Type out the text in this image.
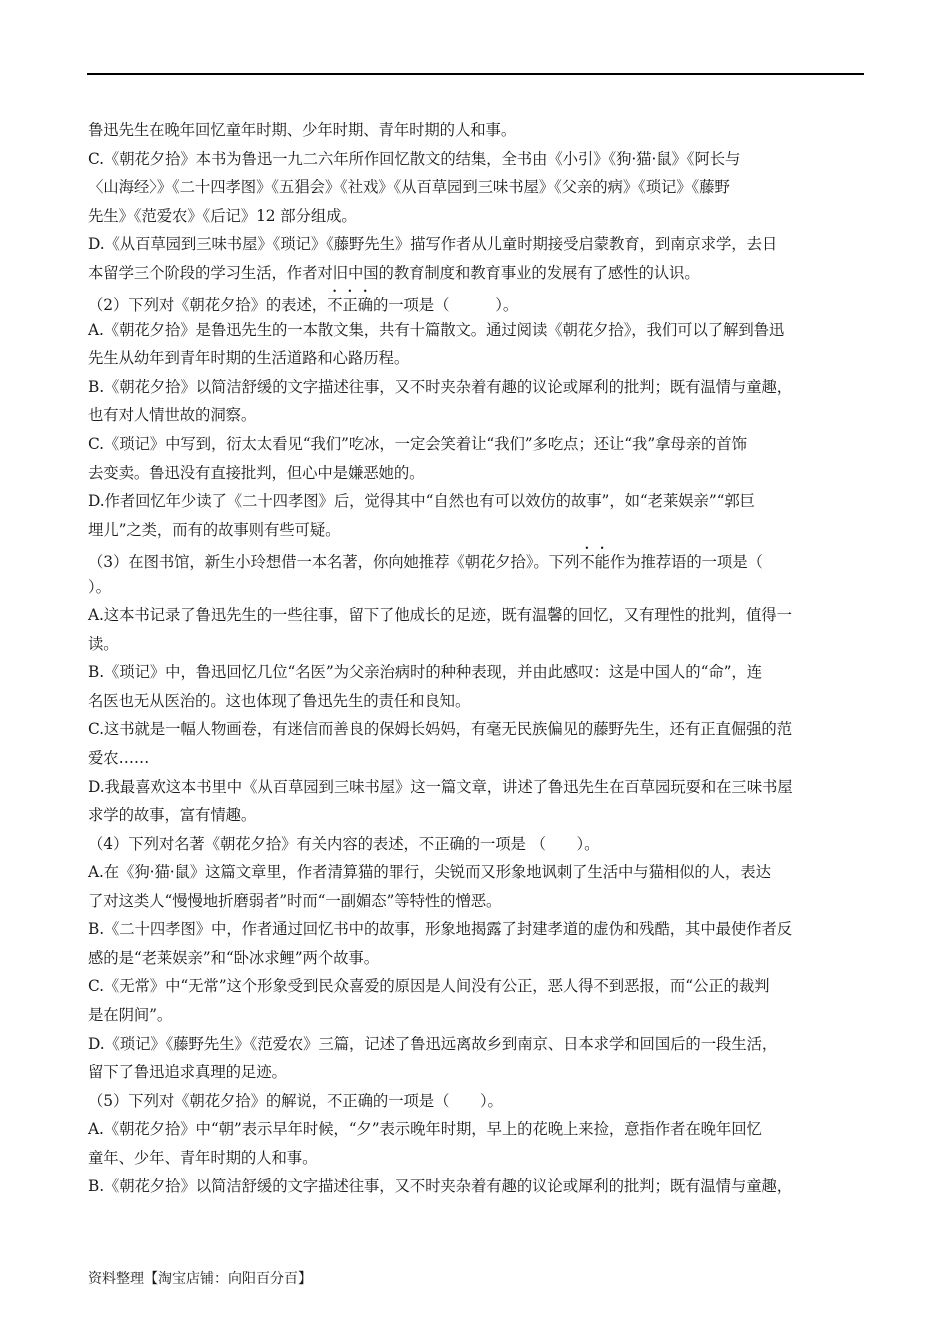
鲁迅先生在晚年回忆童年时期、少年时期、青年时期的人和事。
C.《朝花夕拾》本书为鲁迅一九二六年所作回忆散文的结集，全书由《小引》《狗·猫·鼠》《阿长与
〈山海经〉》《二十四孝图》《五猖会》《社戏》《从百草园到三味书屋》《父亲的病》《琐记》《藤野
先生》《范爱农》《后记》12 部分组成。
D.《从百草园到三味书屋》《琐记》《藤野先生》描写作者从儿童时期接受启蒙教育，到南京求学，去日
本留学三个阶段的学习生活，作者对旧中国的教育制度和教育事业的发展有了感性的认识。
（2）下列对《朝花夕拾》的表述，不正确的一项是（　　　）。
A.《朝花夕拾》是鲁迅先生的一本散文集，共有十篇散文。通过阅读《朝花夕拾》，我们可以了解到鲁迅
先生从幼年到青年时期的生活道路和心路历程。
B.《朝花夕拾》以简洁舒缓的文字描述往事，又不时夹杂着有趣的议论或犀利的批判；既有温情与童趣，
也有对人情世故的洞察。
C.《琐记》中写到，衍太太看见“我们”吃冰，一定会笑着让“我们”多吃点；还让“我”拿母亲的首饰
去变卖。鲁迅没有直接批判，但心中是嫌恶她的。
D.作者回忆年少读了《二十四孝图》后，觉得其中“自然也有可以效仿的故事”，如“老莱娱亲”“郭巨
埋儿”之类，而有的故事则有些可疑。
（3）在图书馆，新生小玲想借一本名著，你向她推荐《朝花夕拾》。下列不能作为推荐语的一项是（
）。
A.这本书记录了鲁迅先生的一些往事，留下了他成长的足迹，既有温馨的回忆，又有理性的批判，值得一
读。
B.《琐记》中，鲁迅回忆几位“名医”为父亲治病时的种种表现，并由此感叹：这是中国人的“命”，连
名医也无从医治的。这也体现了鲁迅先生的责任和良知。
C.这书就是一幅人物画卷，有迷信而善良的保姆长妈妈，有毫无民族偏见的藤野先生，还有正直倔强的范
爱农……
D.我最喜欢这本书里中《从百草园到三味书屋》这一篇文章，讲述了鲁迅先生在百草园玩耍和在三味书屋
求学的故事，富有情趣。
（4）下列对名著《朝花夕拾》有关内容的表述，不正确的一项是 （　　）。
A.在《狗·猫·鼠》这篇文章里，作者清算猫的罪行，尖锐而又形象地讽刺了生活中与猫相似的人，表达
了对这类人“慢慢地折磨弱者”时而“一副媚态”等特性的憎恶。
B.《二十四孝图》中，作者通过回忆书中的故事，形象地揭露了封建孝道的虚伪和残酷，其中最使作者反
感的是“老莱娱亲”和“卧冰求鲤”两个故事。
C.《无常》中“无常”这个形象受到民众喜爱的原因是人间没有公正，恶人得不到恶报，而“公正的裁判
是在阴间”。
D.《琐记》《藤野先生》《范爱农》三篇，记述了鲁迅远离故乡到南京、日本求学和回国后的一段生活，
留下了鲁迅追求真理的足迹。
（5）下列对《朝花夕拾》的解说，不正确的一项是（　　）。
A.《朝花夕拾》中“朝”表示早年时候，“夕”表示晚年时期，早上的花晚上来捡，意指作者在晚年回忆
童年、少年、青年时期的人和事。
B.《朝花夕拾》以简洁舒缓的文字描述往事，又不时夹杂着有趣的议论或犀利的批判；既有温情与童趣，
资料整理【淘宝店铺：向阳百分百】
